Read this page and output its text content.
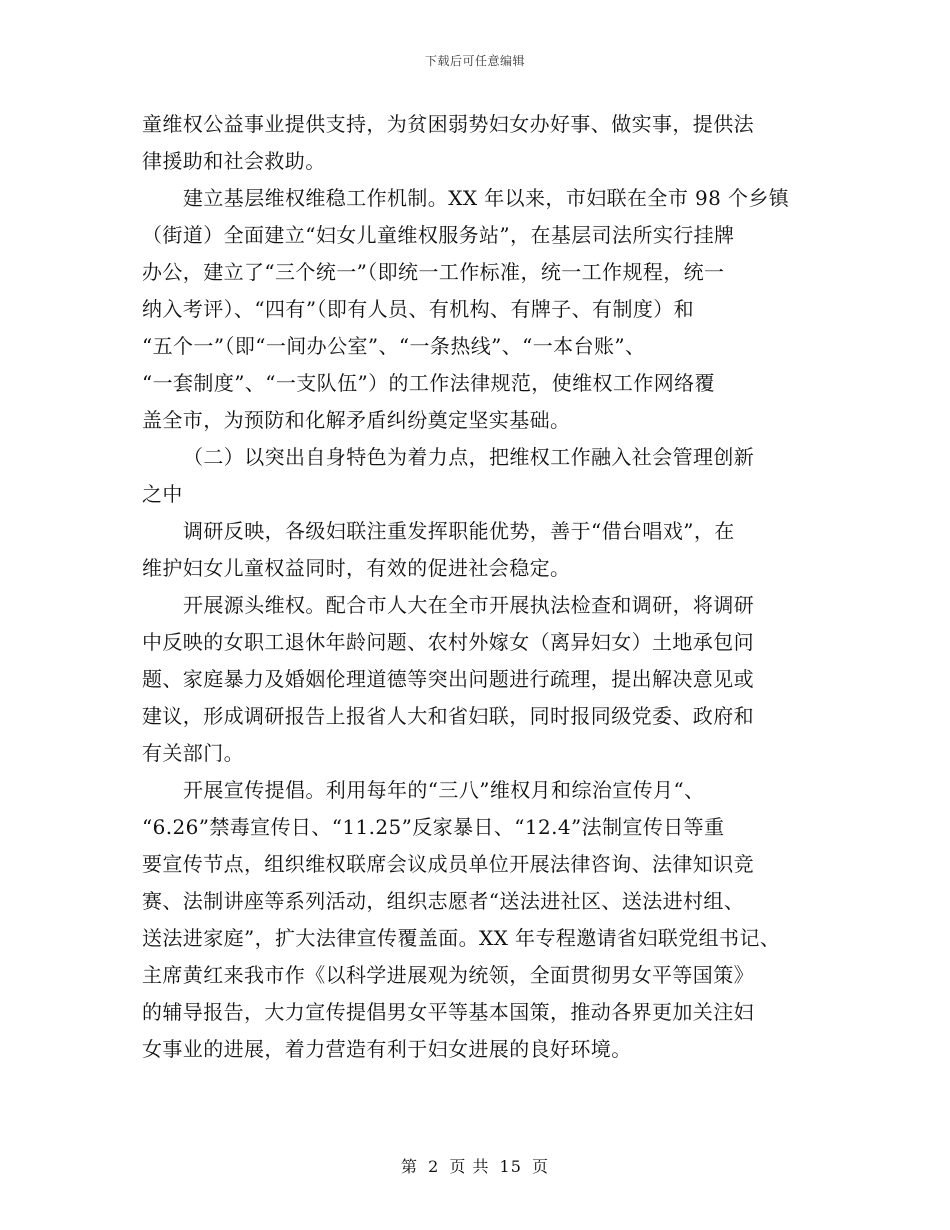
下载后可任意编辑
童维权公益事业提供支持，为贫困弱势妇女办好事、做实事，提供法
律援助和社会救助。
建立基层维权维稳工作机制。XX 年以来，市妇联在全市 98 个乡镇
（街道）全面建立“妇女儿童维权服务站”，在基层司法所实行挂牌
办公，建立了“三个统一”（即统一工作标准，统一工作规程，统一
纳入考评）、“四有”（即有人员、有机构、有牌子、有制度）和
“五个一”（即“一间办公室”、“一条热线”、“一本台账”、
“一套制度”、“一支队伍”）的工作法律规范，使维权工作网络覆
盖全市，为预防和化解矛盾纠纷奠定坚实基础。
（二）以突出自身特色为着力点，把维权工作融入社会管理创新
之中
调研反映，各级妇联注重发挥职能优势，善于“借台唱戏”，在
维护妇女儿童权益同时，有效的促进社会稳定。
开展源头维权。配合市人大在全市开展执法检查和调研，将调研
中反映的女职工退休年龄问题、农村外嫁女（离异妇女）土地承包问
题、家庭暴力及婚姻伦理道德等突出问题进行疏理，提出解决意见或
建议，形成调研报告上报省人大和省妇联，同时报同级党委、政府和
有关部门。
开展宣传提倡。利用每年的“三八”维权月和综治宣传月“、
“6.26”禁毒宣传日、“11.25”反家暴日、“12.4”法制宣传日等重
要宣传节点，组织维权联席会议成员单位开展法律咨询、法律知识竞
赛、法制讲座等系列活动，组织志愿者“送法进社区、送法进村组、
送法进家庭”，扩大法律宣传覆盖面。XX 年专程邀请省妇联党组书记、
主席黄红来我市作《以科学进展观为统领，全面贯彻男女平等国策》
的辅导报告，大力宣传提倡男女平等基本国策，推动各界更加关注妇
女事业的进展，着力营造有利于妇女进展的良好环境。
第 2 页 共 15 页
